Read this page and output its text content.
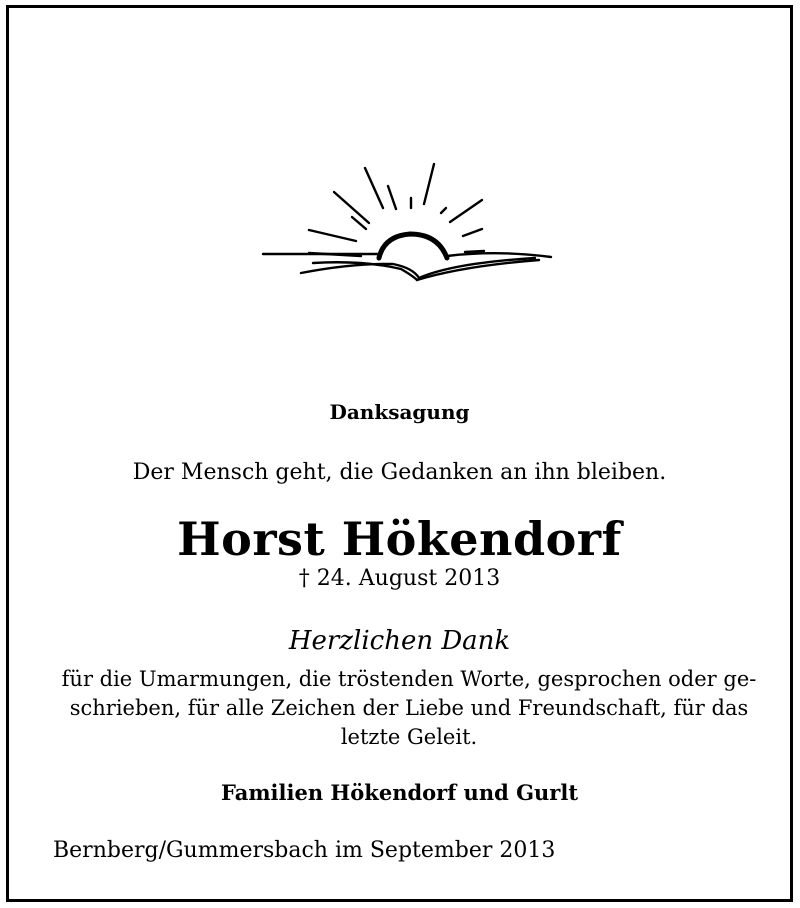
Danksagung
Der Mensch geht, die Gedanken an ihn bleiben.
Horst Hökendorf
† 24. August 2013
Herzlichen Dank
für die Umarmungen, die tröstenden Worte, gesprochen oder ge-
schrieben, für alle Zeichen der Liebe und Freundschaft, für das
letzte Geleit.
Familien Hökendorf und Gurlt
Bernberg/Gummersbach im September 2013
